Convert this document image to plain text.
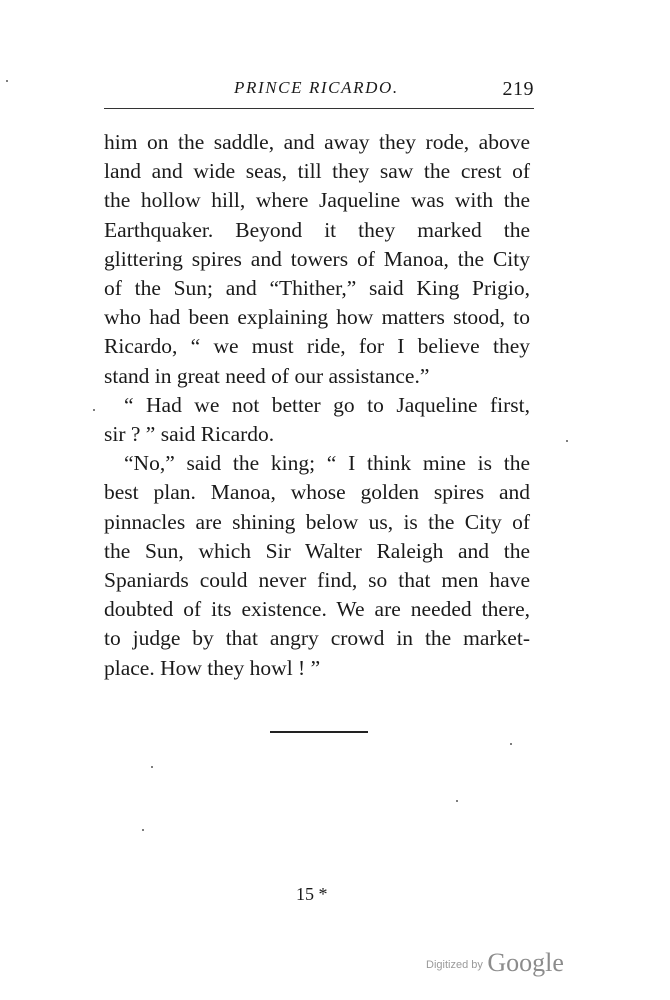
PRINCE RICARDO.	219
him on the saddle, and away they rode, above
land and wide seas, till they saw the crest of
the hollow hill, where Jaqueline was with the
Earthquaker. Beyond it they marked the
glittering spires and towers of Manoa, the City
of the Sun; and “Thither,” said King Prigio,
who had been explaining how matters stood, to
Ricardo, “ we must ride, for I believe they
stand in great need of our assistance.”
“ Had we not better go to Jaqueline first,
sir ? ” said Ricardo.
“No,” said the king; “ I think mine is the
best plan. Manoa, whose golden spires and
pinnacles are shining below us, is the City of
the Sun, which Sir Walter Raleigh and the
Spaniards could never find, so that men have
doubted of its existence. We are needed there,
to judge by that angry crowd in the market-
place. How they howl ! ”
15 *
Digitized by Google
